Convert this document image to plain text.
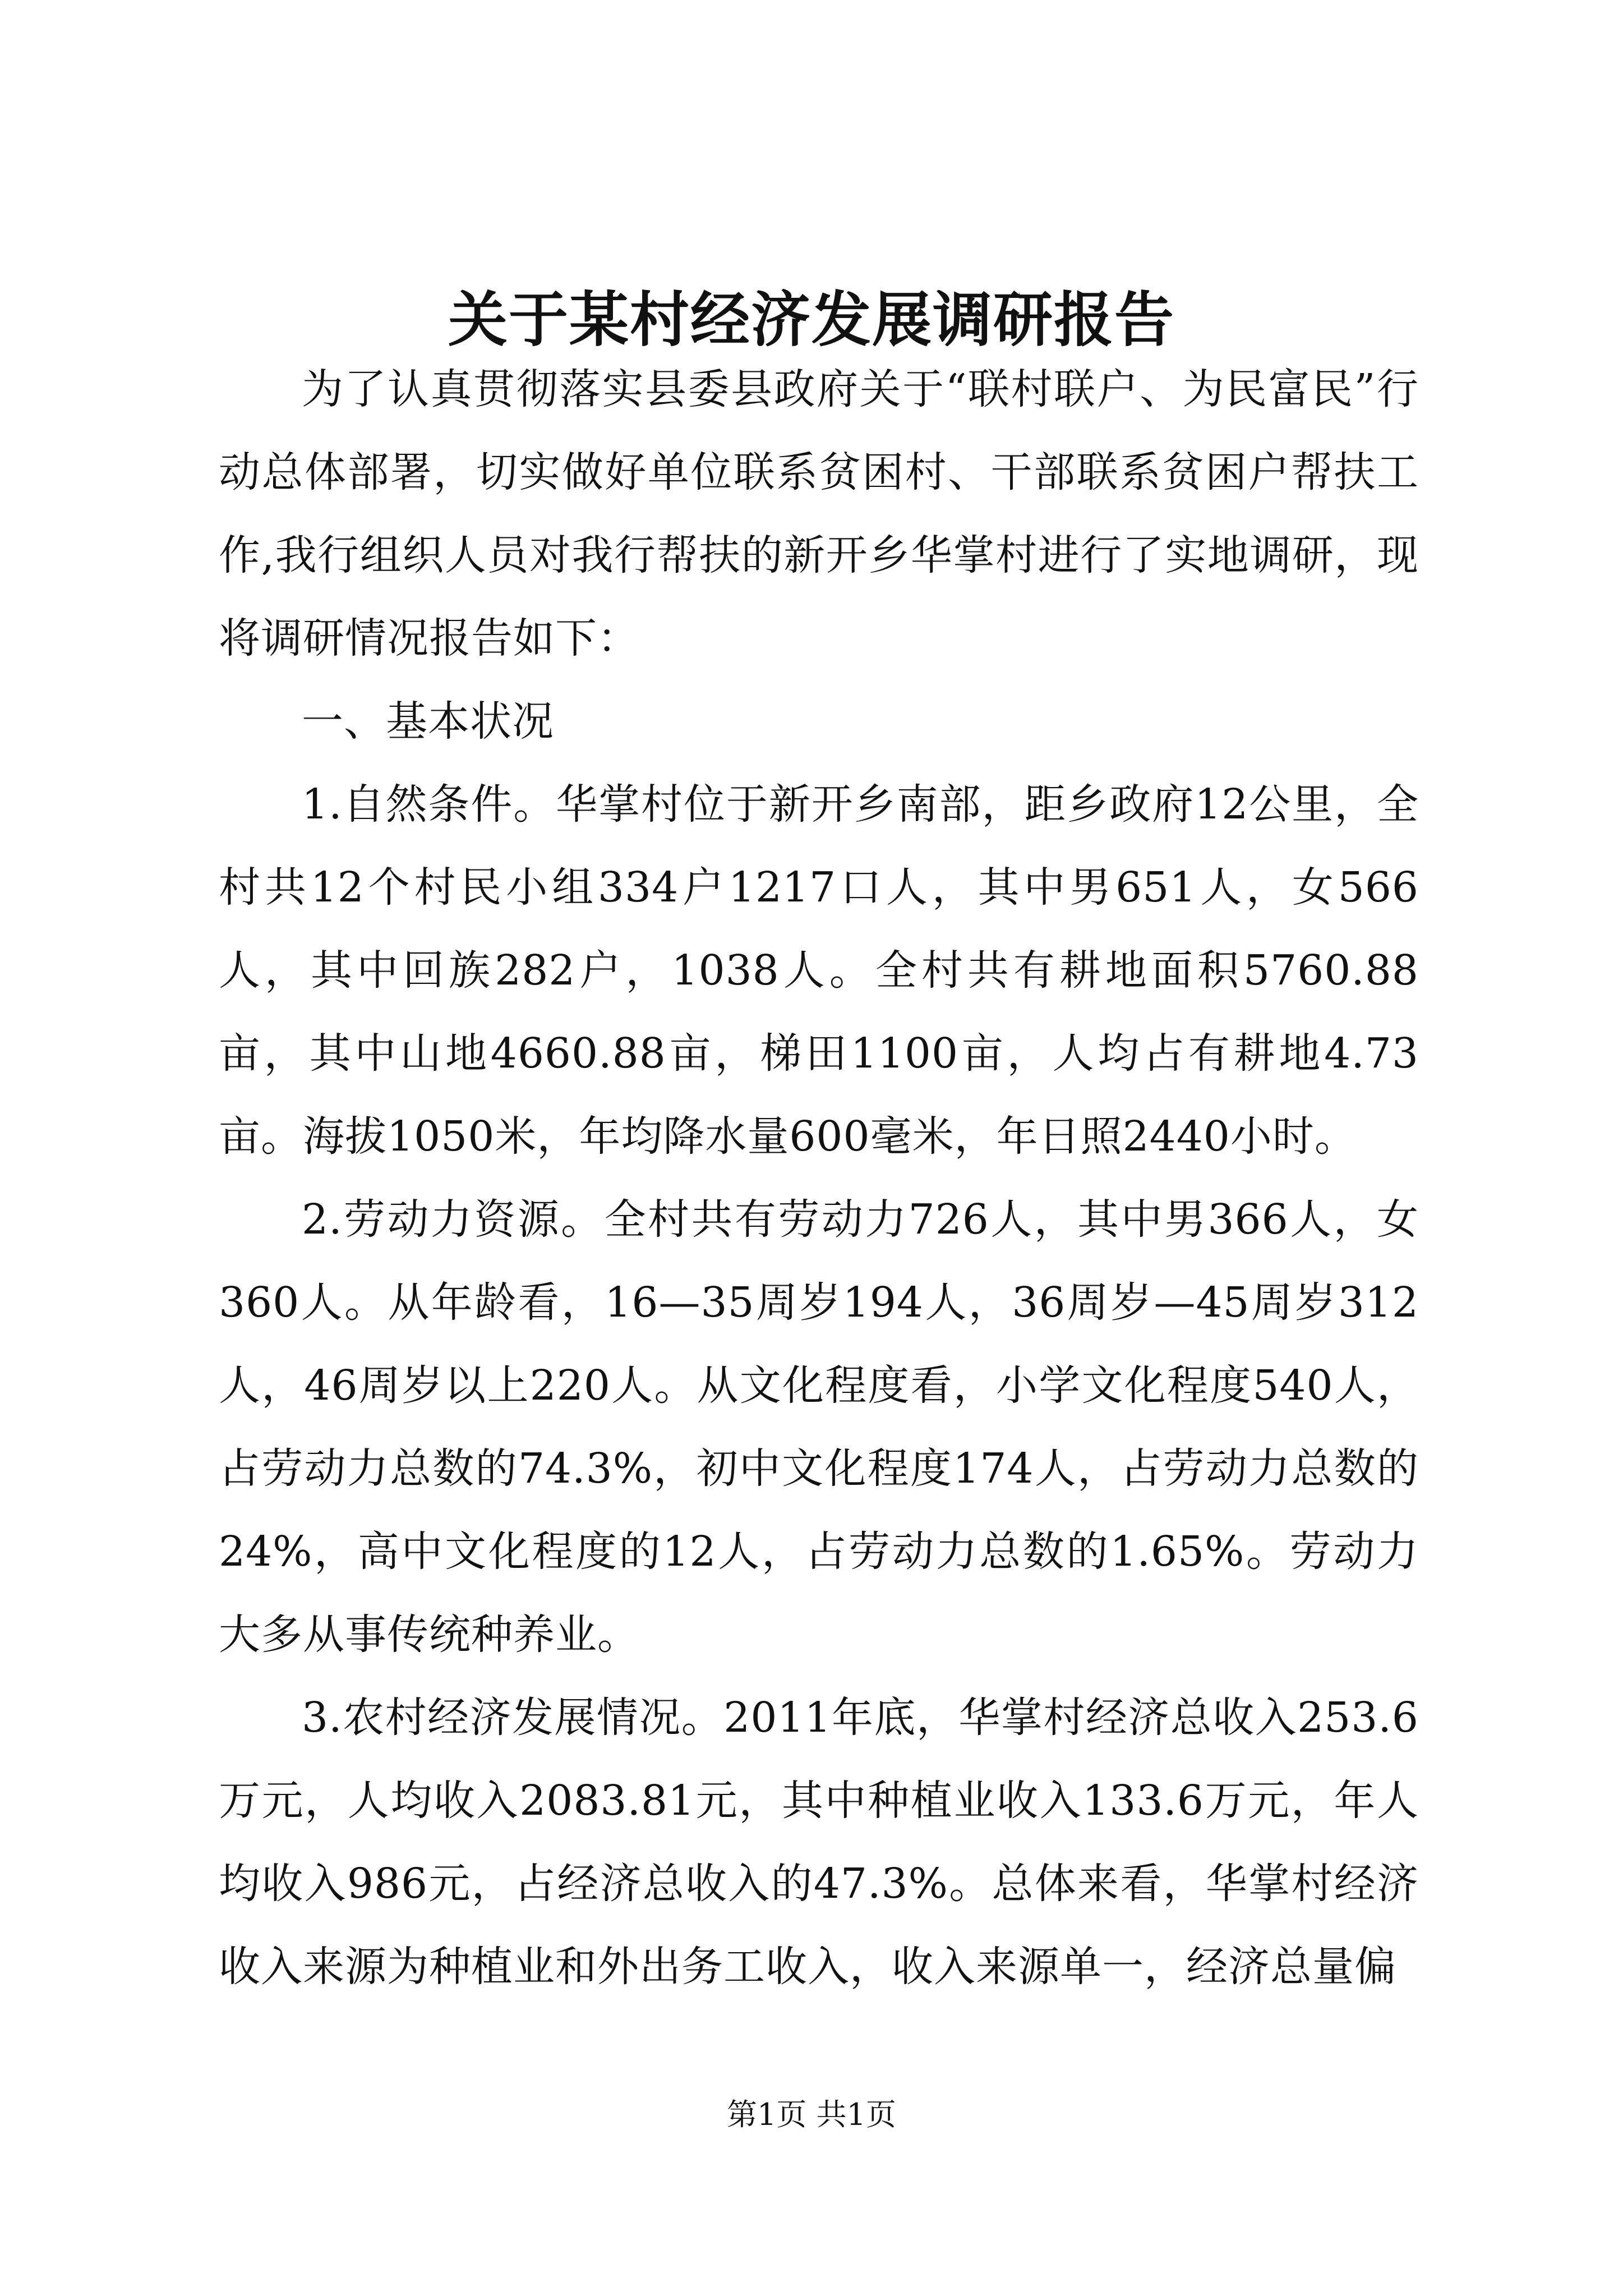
关于某村经济发展调研报告

为了认真贯彻落实县委县政府关于“联村联户、为民富民”行动总体部署，切实做好单位联系贫困村、干部联系贫困户帮扶工作,我行组织人员对我行帮扶的新开乡华掌村进行了实地调研，现将调研情况报告如下：

一、基本状况

1.自然条件。华掌村位于新开乡南部，距乡政府12公里，全村共12个村民小组334户1217口人，其中男651人，女566人，其中回族282户，1038人。全村共有耕地面积5760.88亩，其中山地4660.88亩，梯田1100亩，人均占有耕地4.73亩。海拔1050米，年均降水量600毫米，年日照2440小时。

2.劳动力资源。全村共有劳动力726人，其中男366人，女360人。从年龄看，16—35周岁194人，36周岁—45周岁312人，46周岁以上220人。从文化程度看，小学文化程度540人，占劳动力总数的74.3%，初中文化程度174人，占劳动力总数的24%，高中文化程度的12人，占劳动力总数的1.65%。劳动力大多从事传统种养业。

3.农村经济发展情况。2011年底，华掌村经济总收入253.6万元，人均收入2083.81元，其中种植业收入133.6万元，年人均收入986元，占经济总收入的47.3%。总体来看，华掌村经济收入来源为种植业和外出务工收入，收入来源单一，经济总量偏

第1页 共1页
